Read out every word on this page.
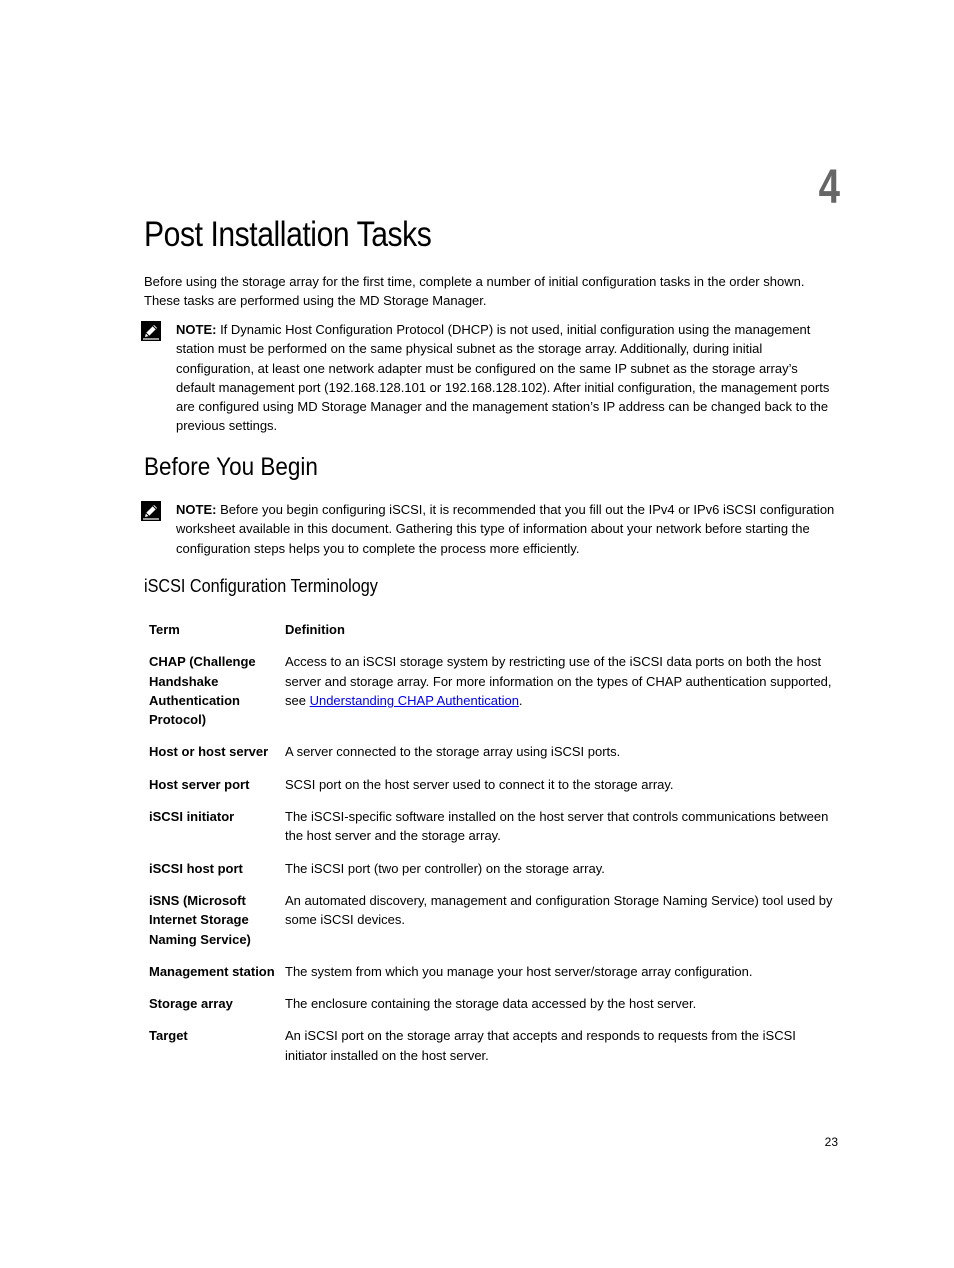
4
Post Installation Tasks

Before using the storage array for the first time, complete a number of initial configuration tasks in the order shown. These tasks are performed using the MD Storage Manager.

NOTE: If Dynamic Host Configuration Protocol (DHCP) is not used, initial configuration using the management station must be performed on the same physical subnet as the storage array. Additionally, during initial configuration, at least one network adapter must be configured on the same IP subnet as the storage array’s default management port (192.168.128.101 or 192.168.128.102). After initial configuration, the management ports are configured using MD Storage Manager and the management station’s IP address can be changed back to the previous settings.
Before You Begin
NOTE: Before you begin configuring iSCSI, it is recommended that you fill out the IPv4 or IPv6 iSCSI configuration worksheet available in this document. Gathering this type of information about your network before starting the configuration steps helps you to complete the process more efficiently.
iSCSI Configuration Terminology
Term	Definition
CHAP (Challenge Handshake Authentication Protocol)	Access to an iSCSI storage system by restricting use of the iSCSI data ports on both the host server and storage array. For more information on the types of CHAP authentication supported, see Understanding CHAP Authentication.
Host or host server	A server connected to the storage array using iSCSI ports.
Host server port	SCSI port on the host server used to connect it to the storage array.
iSCSI initiator	The iSCSI-specific software installed on the host server that controls communications between the host server and the storage array.
iSCSI host port	The iSCSI port (two per controller) on the storage array.
iSNS (Microsoft Internet Storage Naming Service)	An automated discovery, management and configuration Storage Naming Service) tool used by some iSCSI devices.
Management station	The system from which you manage your host server/storage array configuration.
Storage array	The enclosure containing the storage data accessed by the host server.
Target	An iSCSI port on the storage array that accepts and responds to requests from the iSCSI initiator installed on the host server.
23
